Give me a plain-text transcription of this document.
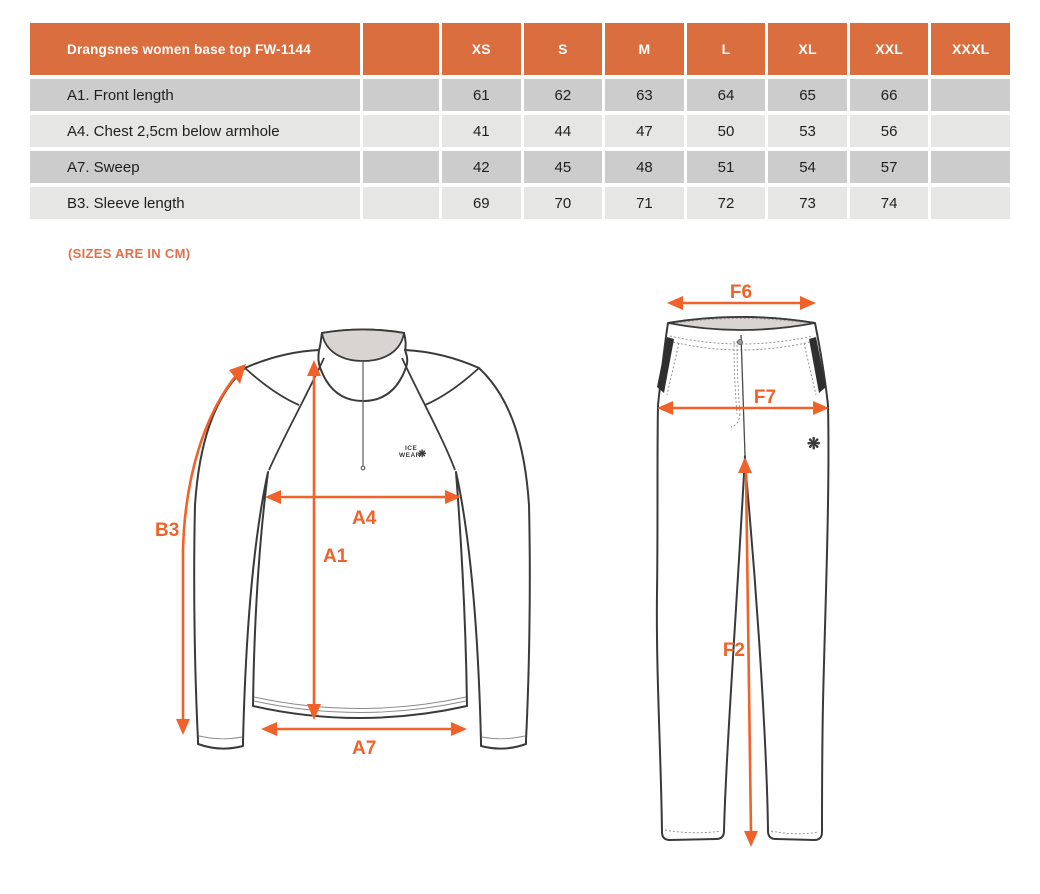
Drangsnes women base top FW-1144	XS	S	M	L	XL	XXL	XXXL
A1. Front length	61	62	63	64	65	66
A4. Chest 2,5cm below armhole	41	44	47	50	53	56
A7. Sweep	42	45	48	51	54	57
B3. Sleeve length	69	70	71	72	73	74
(SIZES ARE IN CM)
ICE
WEAR
❋
B3
A1
A4
A7
❋
F6
F7
F2
